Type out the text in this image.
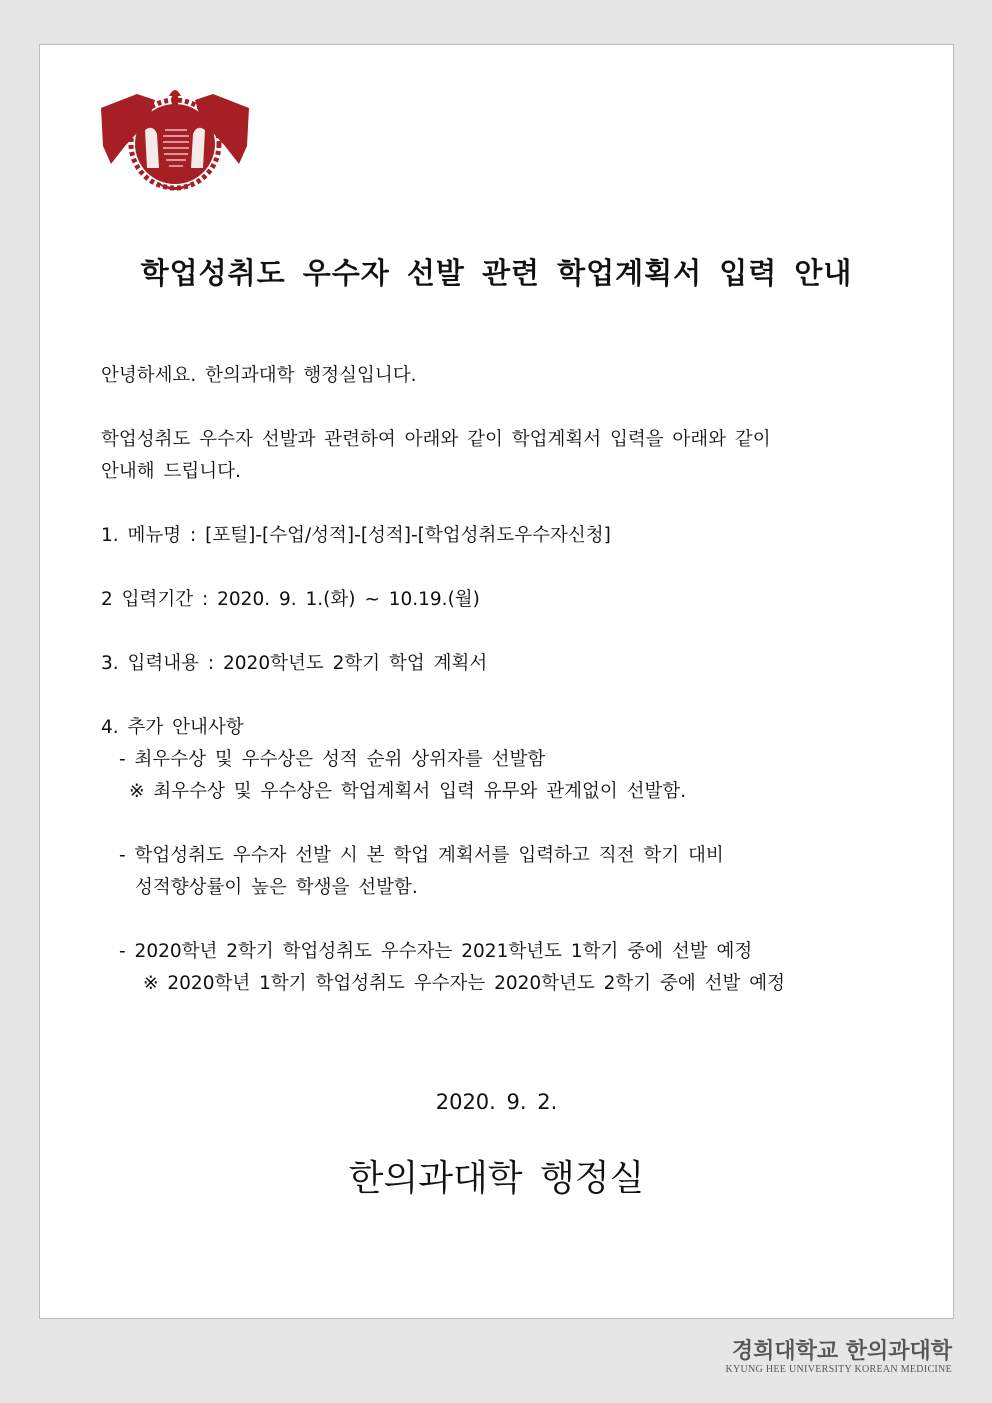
학업성취도 우수자 선발 관련 학업계획서 입력 안내
안녕하세요. 한의과대학 행정실입니다.
학업성취도 우수자 선발과 관련하여 아래와 같이 학업계획서 입력을 아래와 같이
안내해 드립니다.
1. 메뉴명 : [포털]-[수업/성적]-[성적]-[학업성취도우수자신청]
2 입력기간 : 2020. 9. 1.(화) ~ 10.19.(월)
3. 입력내용 : 2020학년도 2학기 학업 계획서
4. 추가 안내사항
- 최우수상 및 우수상은 성적 순위 상위자를 선발함
※ 최우수상 및 우수상은 학업계획서 입력 유무와 관계없이 선발함.
- 학업성취도 우수자 선발 시 본 학업 계획서를 입력하고 직전 학기 대비
성적향상률이 높은 학생을 선발함.
- 2020학년 2학기 학업성취도 우수자는 2021학년도 1학기 중에 선발 예정
※ 2020학년 1학기 학업성취도 우수자는 2020학년도 2학기 중에 선발 예정
2020. 9. 2.
한의과대학 행정실
경희대학교 한의과대학
KYUNG HEE UNIVERSITY KOREAN MEDICINE
